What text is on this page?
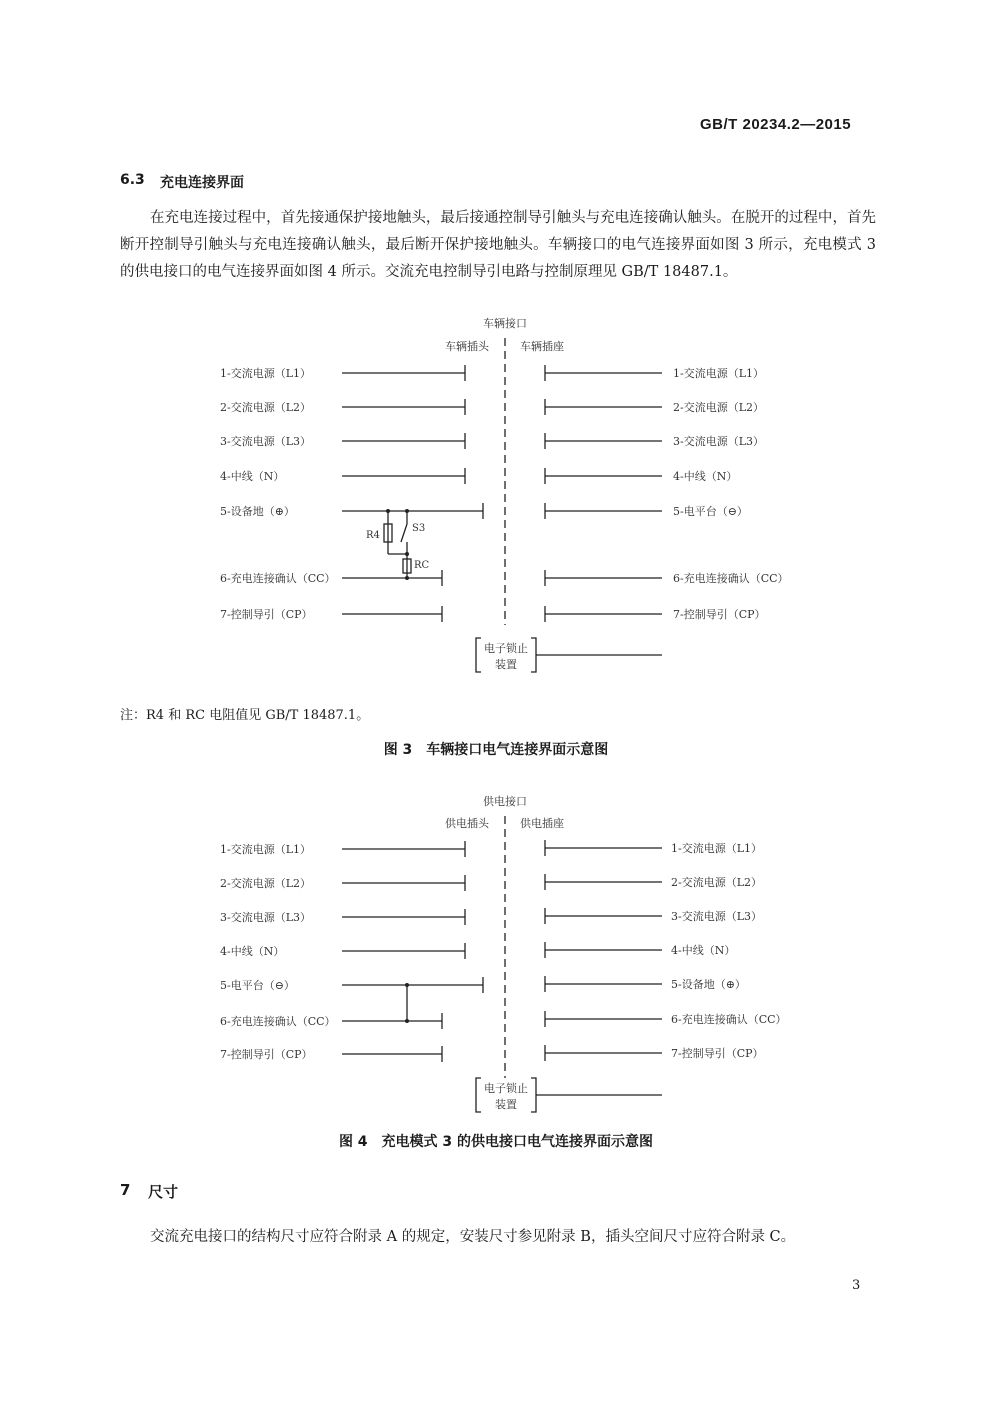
GB/T 20234.2—2015
6.3 充电连接界面
在充电连接过程中，首先接通保护接地触头，最后接通控制导引触头与充电连接确认触头。在脱开的过程中，首先断开控制导引触头与充电连接确认触头，最后断开保护接地触头。车辆接口的电气连接界面如图 3 所示，充电模式 3 的供电接口的电气连接界面如图 4 所示。交流充电控制导引电路与控制原理见 GB/T 18487.1。
车辆接口
车辆插头	车辆插座
1-交流电源（L1）
2-交流电源（L2）
3-交流电源（L3）
4-中线（N）
5-设备地（⊕）
6-充电连接确认（CC）
7-控制导引（CP）
1-交流电源（L1）
2-交流电源（L2）
3-交流电源（L3）
4-中线（N）
5-电平台（⊖）
6-充电连接确认（CC）
7-控制导引（CP）
R4
S3
RC
电子锁止
装置
注：R4 和 RC 电阻值见 GB/T 18487.1。
图 3　车辆接口电气连接界面示意图
供电接口
供电插头	供电插座
1-交流电源（L1）
2-交流电源（L2）
3-交流电源（L3）
4-中线（N）
5-电平台（⊖）
6-充电连接确认（CC）
7-控制导引（CP）
1-交流电源（L1）
2-交流电源（L2）
3-交流电源（L3）
4-中线（N）
5-设备地（⊕）
6-充电连接确认（CC）
7-控制导引（CP）
电子锁止
装置
图 4　充电模式 3 的供电接口电气连接界面示意图
7 尺寸
交流充电接口的结构尺寸应符合附录 A 的规定，安装尺寸参见附录 B，插头空间尺寸应符合附录 C。
3
